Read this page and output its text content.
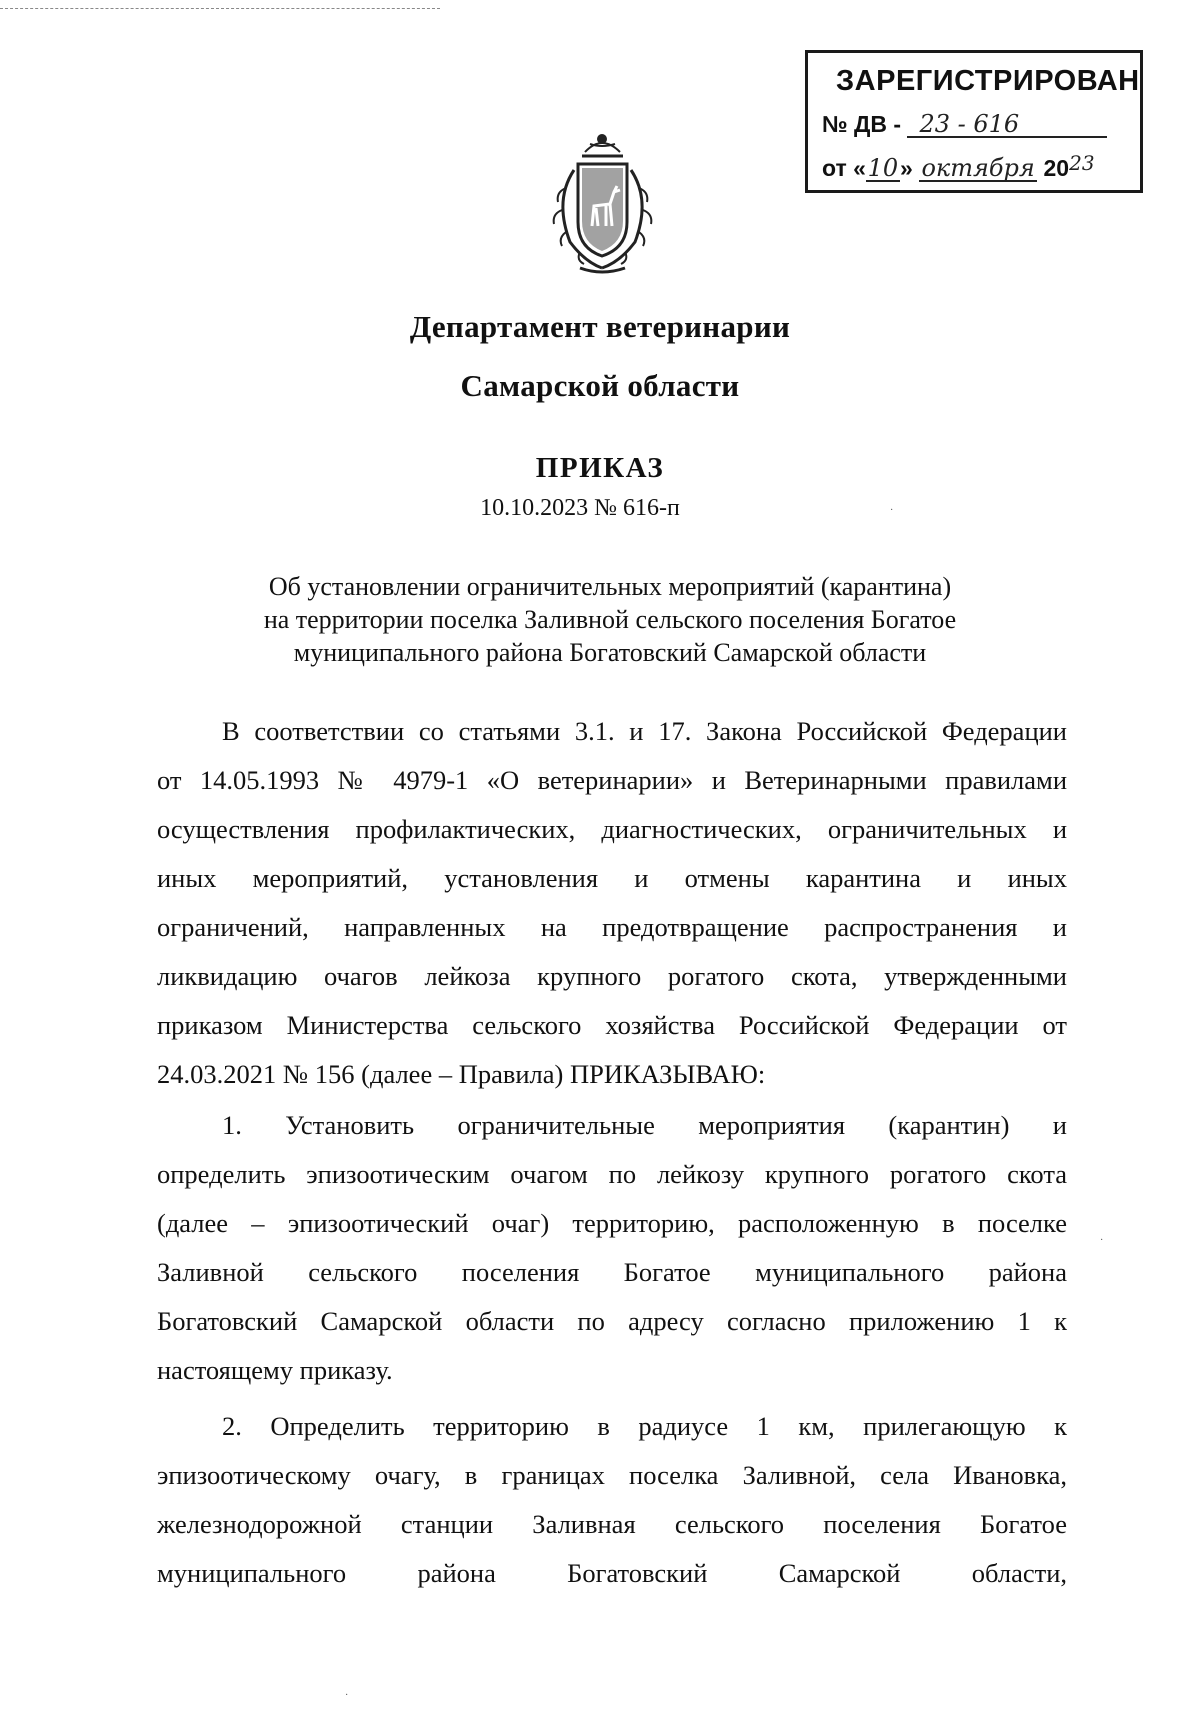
ЗАРЕГИСТРИРОВАН
№ ДВ - 23 - 616
от «10» октября 2023
Департамент ветеринарии
Самарской области
ПРИКАЗ
10.10.2023 № 616-п
Об установлении ограничительных мероприятий (карантина)
на территории поселка Заливной сельского поселения Богатое
муниципального района Богатовский Самарской области
В соответствии со статьями 3.1. и 17. Закона Российской Федерации
от 14.05.1993 № 4979-1 «О ветеринарии» и Ветеринарными правилами
осуществления профилактических, диагностических, ограничительных и
иных мероприятий, установления и отмены карантина и иных
ограничений, направленных на предотвращение распространения и
ликвидацию очагов лейкоза крупного рогатого скота, утвержденными
приказом Министерства сельского хозяйства Российской Федерации от
24.03.2021 № 156 (далее – Правила) ПРИКАЗЫВАЮ:
1. Установить ограничительные мероприятия (карантин) и
определить эпизоотическим очагом по лейкозу крупного рогатого скота
(далее – эпизоотический очаг) территорию, расположенную в поселке
Заливной сельского поселения Богатое муниципального района
Богатовский Самарской области по адресу согласно приложению 1 к
настоящему приказу.
2. Определить территорию в радиусе 1 км, прилегающую к
эпизоотическому очагу, в границах поселка Заливной, села Ивановка,
железнодорожной станции Заливная сельского поселения Богатое
муниципального района Богатовский Самарской области,
·
·
·
